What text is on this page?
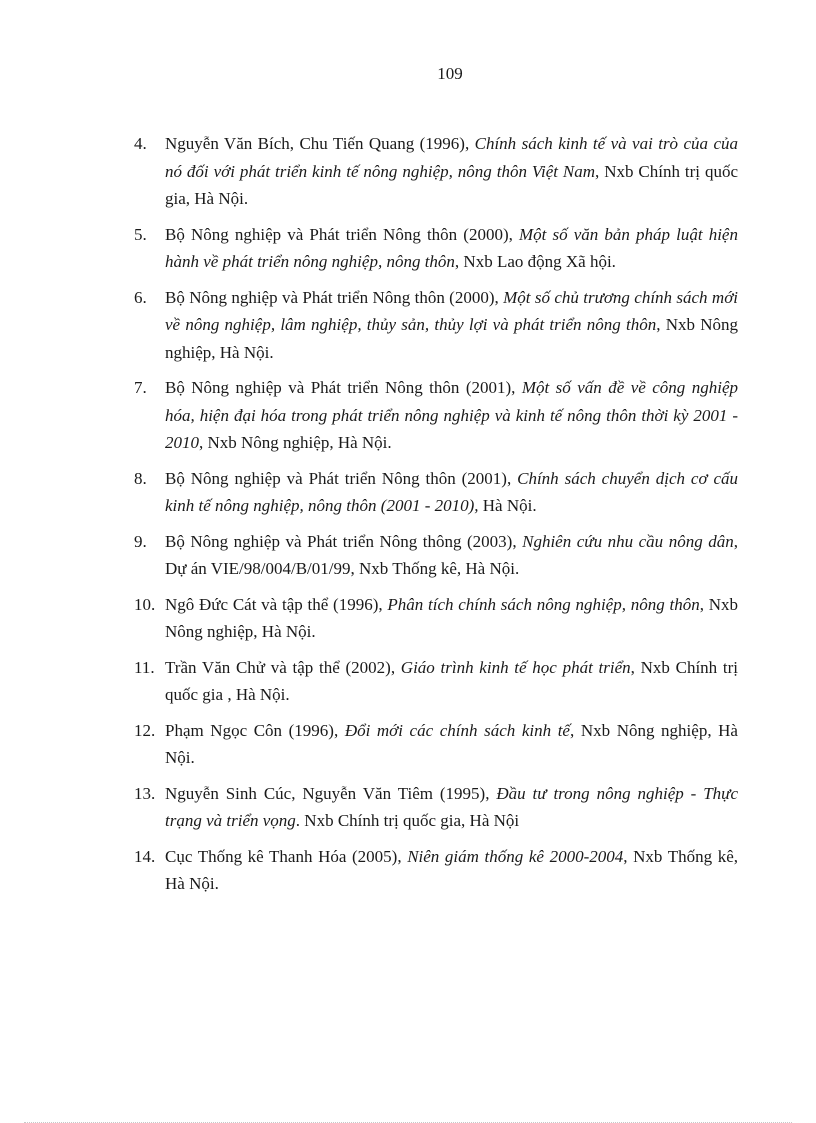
109
4. Nguyễn Văn Bích, Chu Tiến Quang (1996), Chính sách kinh tế và vai trò của của nó đối với phát triển kinh tế nông nghiệp, nông thôn Việt Nam, Nxb Chính trị quốc gia, Hà Nội.
5. Bộ Nông nghiệp và Phát triển Nông thôn (2000), Một số văn bản pháp luật hiện hành về phát triển nông nghiệp, nông thôn, Nxb Lao động Xã hội.
6. Bộ Nông nghiệp và Phát triển Nông thôn (2000), Một số chủ trương chính sách mới về nông nghiệp, lâm nghiệp, thủy sản, thủy lợi và phát triển nông thôn, Nxb Nông nghiệp, Hà Nội.
7. Bộ Nông nghiệp và Phát triển Nông thôn (2001), Một số vấn đề về công nghiệp hóa, hiện đại hóa trong phát triển nông nghiệp và kinh tế nông thôn thời kỳ 2001 - 2010, Nxb Nông nghiệp, Hà Nội.
8. Bộ Nông nghiệp và Phát triển Nông thôn (2001), Chính sách chuyển dịch cơ cấu kinh tế nông nghiệp, nông thôn (2001 - 2010), Hà Nội.
9. Bộ Nông nghiệp và Phát triển Nông thông (2003), Nghiên cứu nhu cầu nông dân, Dự án VIE/98/004/B/01/99, Nxb Thống kê, Hà Nội.
10. Ngô Đức Cát và tập thể (1996), Phân tích chính sách nông nghiệp, nông thôn, Nxb Nông nghiệp, Hà Nội.
11. Trần Văn Chử và tập thể (2002), Giáo trình kinh tế học phát triển, Nxb Chính trị quốc gia , Hà Nội.
12. Phạm Ngọc Côn (1996), Đổi mới các chính sách kinh tế, Nxb Nông nghiệp, Hà Nội.
13. Nguyễn Sinh Cúc, Nguyễn Văn Tiêm (1995), Đầu tư trong nông nghiệp - Thực trạng và triển vọng. Nxb Chính trị quốc gia, Hà Nội
14. Cục Thống kê Thanh Hóa (2005), Niên giám thống kê 2000-2004, Nxb Thống kê, Hà Nội.
